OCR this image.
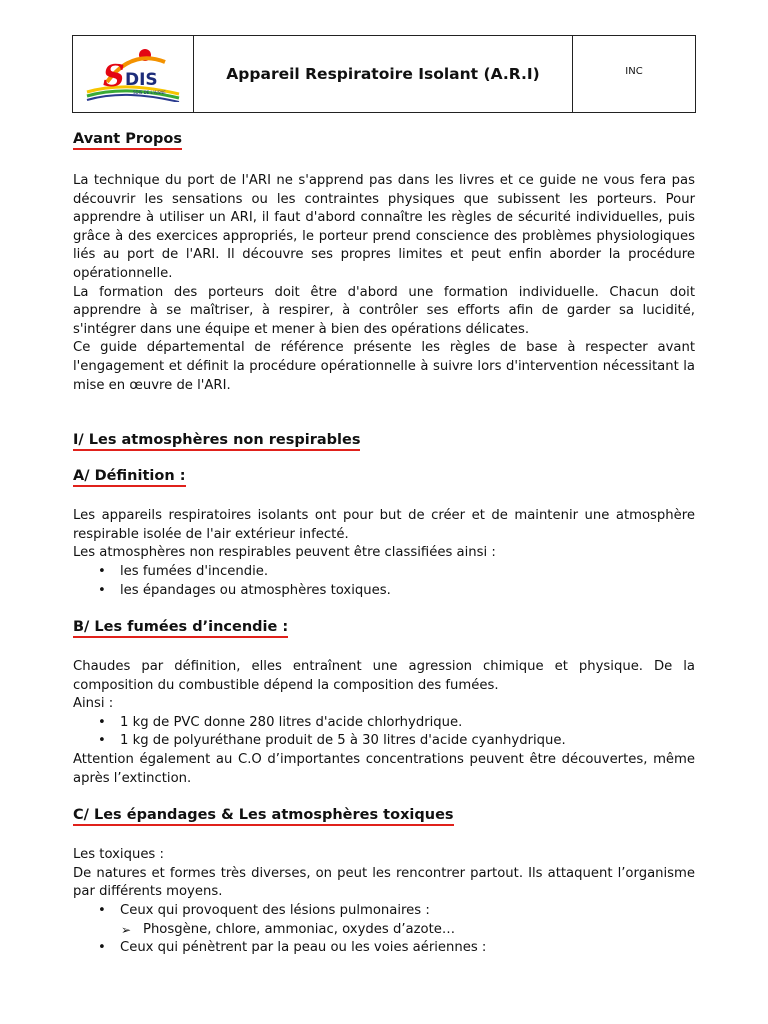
S DIS
SDIS DE L'AISNE
Appareil Respiratoire Isolant (A.R.I)	INC
Avant Propos
La technique du port de l'ARI ne s'apprend pas dans les livres et ce guide ne vous fera pas découvrir les sensations ou les contraintes physiques que subissent les porteurs. Pour apprendre à utiliser un ARI, il faut d'abord connaître les règles de sécurité individuelles, puis grâce à des exercices appropriés, le porteur prend conscience des problèmes physiologiques liés au port de l'ARI. Il découvre ses propres limites et peut enfin aborder la procédure opérationnelle.
La formation des porteurs doit être d'abord une formation individuelle. Chacun doit apprendre à se maîtriser, à respirer, à contrôler ses efforts afin de garder sa lucidité, s'intégrer dans une équipe et mener à bien des opérations délicates.
Ce guide départemental de référence présente les règles de base à respecter avant l'engagement et définit la procédure opérationnelle à suivre lors d'intervention nécessitant la mise en œuvre de l'ARI.
I/ Les atmosphères non respirables
A/ Définition :
Les appareils respiratoires isolants ont pour but de créer et de maintenir une atmosphère respirable isolée de l'air extérieur infecté.
Les atmosphères non respirables peuvent être classifiées ainsi :
• les fumées d'incendie.
• les épandages ou atmosphères toxiques.
B/ Les fumées d’incendie :
Chaudes par définition, elles entraînent une agression chimique et physique. De la composition du combustible dépend la composition des fumées.
Ainsi :
• 1 kg de PVC donne 280 litres d'acide chlorhydrique.
• 1 kg de polyuréthane produit de 5 à 30 litres d'acide cyanhydrique.
Attention également au C.O d’importantes concentrations peuvent être découvertes, même après l’extinction.
C/ Les épandages & Les atmosphères toxiques
Les toxiques :
De natures et formes très diverses, on peut les rencontrer partout. Ils attaquent l’organisme par différents moyens.
• Ceux qui provoquent des lésions pulmonaires :
➢ Phosgène, chlore, ammoniac, oxydes d’azote…
• Ceux qui pénètrent par la peau ou les voies aériennes :
